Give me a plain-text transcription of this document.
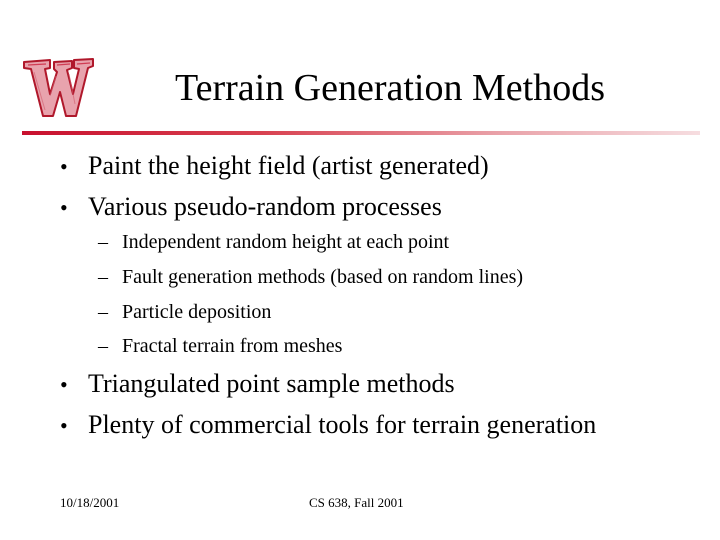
Terrain Generation Methods
• Paint the height field (artist generated)
• Various pseudo-random processes
– Independent random height at each point
– Fault generation methods (based on random lines)
– Particle deposition
– Fractal terrain from meshes
• Triangulated point sample methods
• Plenty of commercial tools for terrain generation
10/18/2001	CS 638, Fall 2001
